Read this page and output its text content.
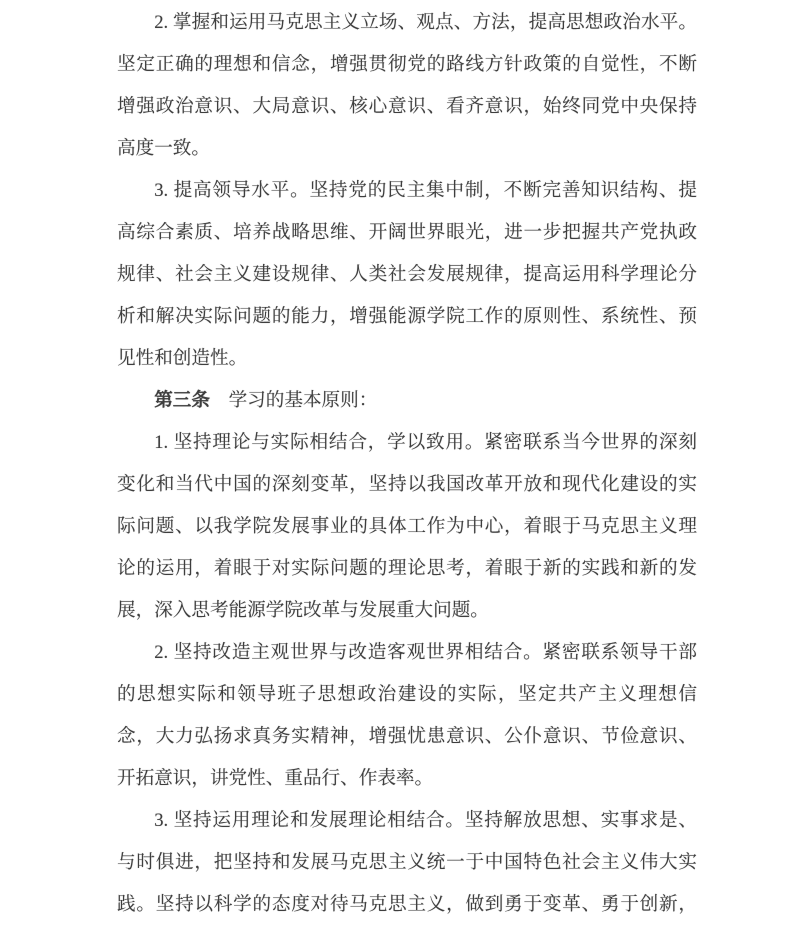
2. 掌握和运用马克思主义立场、观点、方法，提高思想政治水平。
坚定正确的理想和信念，增强贯彻党的路线方针政策的自觉性，不断
增强政治意识、大局意识、核心意识、看齐意识，始终同党中央保持
高度一致。
3. 提高领导水平。坚持党的民主集中制，不断完善知识结构、提
高综合素质、培养战略思维、开阔世界眼光，进一步把握共产党执政
规律、社会主义建设规律、人类社会发展规律，提高运用科学理论分
析和解决实际问题的能力，增强能源学院工作的原则性、系统性、预
见性和创造性。
第三条　学习的基本原则：
1. 坚持理论与实际相结合，学以致用。紧密联系当今世界的深刻
变化和当代中国的深刻变革，坚持以我国改革开放和现代化建设的实
际问题、以我学院发展事业的具体工作为中心，着眼于马克思主义理
论的运用，着眼于对实际问题的理论思考，着眼于新的实践和新的发
展，深入思考能源学院改革与发展重大问题。
2. 坚持改造主观世界与改造客观世界相结合。紧密联系领导干部
的思想实际和领导班子思想政治建设的实际，坚定共产主义理想信
念，大力弘扬求真务实精神，增强忧患意识、公仆意识、节俭意识、
开拓意识，讲党性、重品行、作表率。
3. 坚持运用理论和发展理论相结合。坚持解放思想、实事求是、
与时俱进，把坚持和发展马克思主义统一于中国特色社会主义伟大实
践。坚持以科学的态度对待马克思主义，做到勇于变革、勇于创新，
